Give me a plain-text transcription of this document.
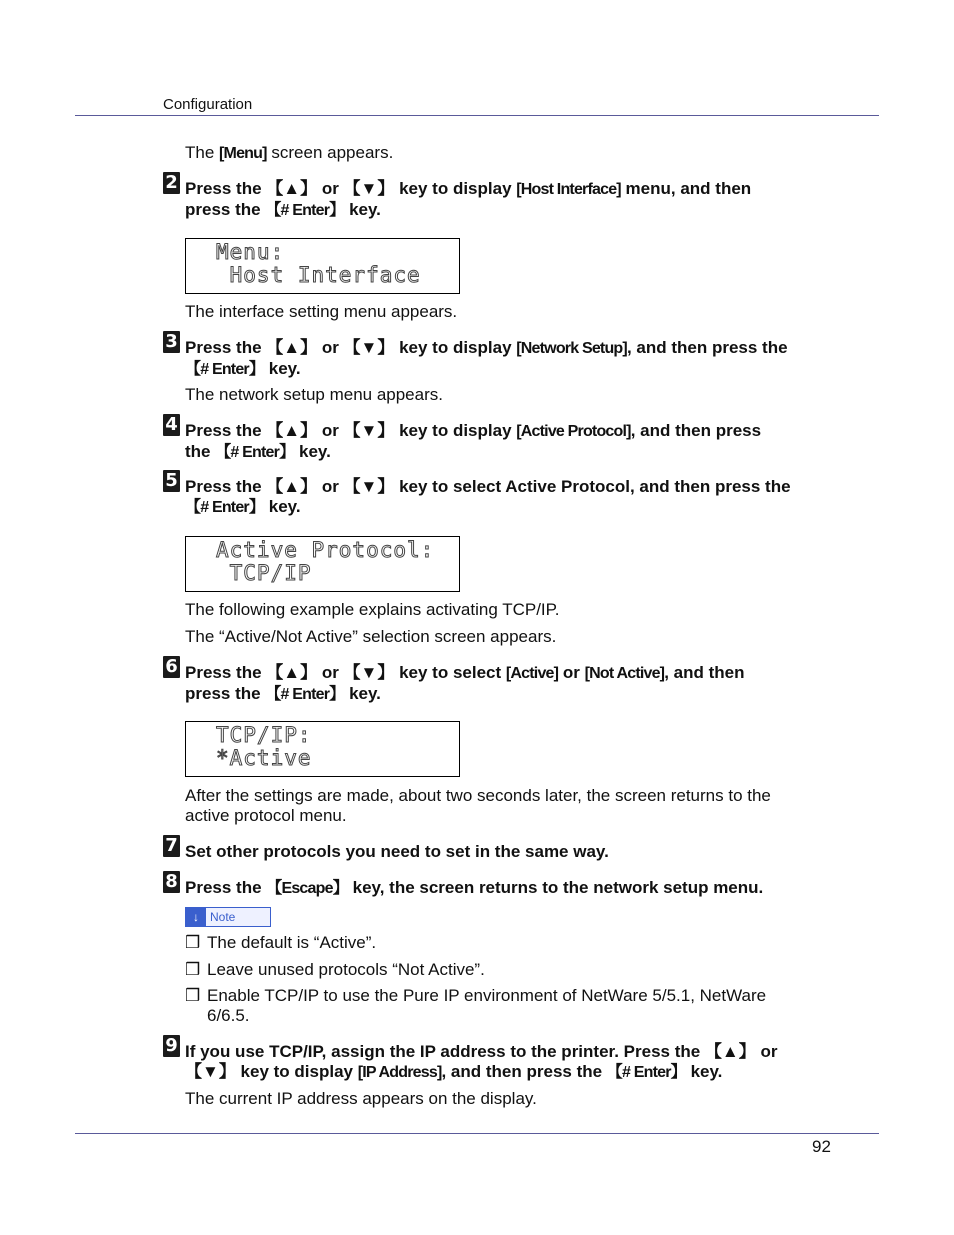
Configuration
The [Menu] screen appears.
2 Press the 【▲】 or 【▼】 key to display [Host Interface] menu, and then press the 【# Enter】 key.
Menu:
Host Interface
The interface setting menu appears.
3 Press the 【▲】 or 【▼】 key to display [Network Setup], and then press the 【# Enter】 key.
The network setup menu appears.
4 Press the 【▲】 or 【▼】 key to display [Active Protocol], and then press the 【# Enter】 key.
5 Press the 【▲】 or 【▼】 key to select Active Protocol, and then press the 【# Enter】 key.
Active Protocol:
TCP/IP
The following example explains activating TCP/IP.
The “Active/Not Active” selection screen appears.
6 Press the 【▲】 or 【▼】 key to select [Active] or [Not Active], and then press the 【# Enter】 key.
TCP/IP:
*Active
After the settings are made, about two seconds later, the screen returns to the active protocol menu.
7 Set other protocols you need to set in the same way.
8 Press the 【Escape】 key, the screen returns to the network setup menu.
↓ Note
❒ The default is “Active”.
❒ Leave unused protocols “Not Active”.
❒ Enable TCP/IP to use the Pure IP environment of NetWare 5/5.1, NetWare 6/6.5.
9 If you use TCP/IP, assign the IP address to the printer. Press the 【▲】 or 【▼】 key to display [IP Address], and then press the 【# Enter】 key.
The current IP address appears on the display.
92
